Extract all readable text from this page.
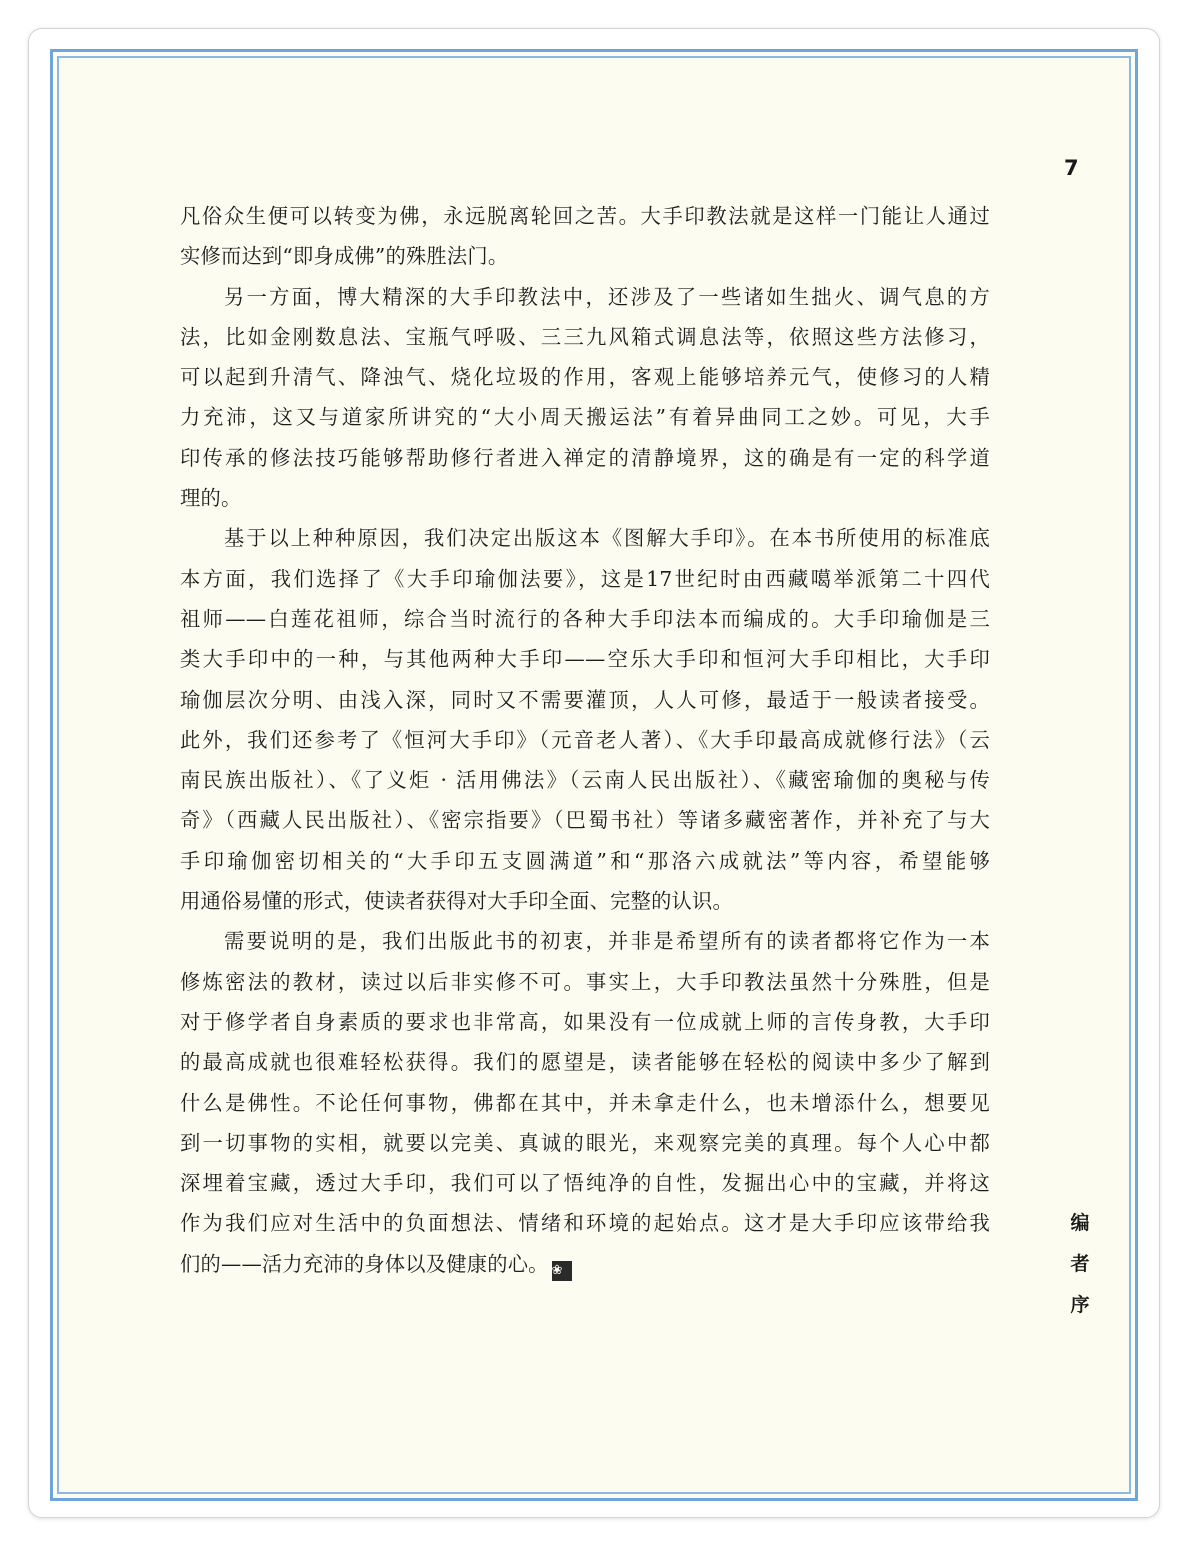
7

凡俗众生便可以转变为佛，永远脱离轮回之苦。大手印教法就是这样一门能让人通过
实修而达到“即身成佛”的殊胜法门。
另一方面，博大精深的大手印教法中，还涉及了一些诸如生拙火、调气息的方
法，比如金刚数息法、宝瓶气呼吸、三三九风箱式调息法等，依照这些方法修习，
可以起到升清气、降浊气、烧化垃圾的作用，客观上能够培养元气，使修习的人精
力充沛，这又与道家所讲究的“大小周天搬运法”有着异曲同工之妙。可见，大手
印传承的修法技巧能够帮助修行者进入禅定的清静境界，这的确是有一定的科学道
理的。
基于以上种种原因，我们决定出版这本《图解大手印》。在本书所使用的标准底
本方面，我们选择了《大手印瑜伽法要》，这是17世纪时由西藏噶举派第二十四代
祖师——白莲花祖师，综合当时流行的各种大手印法本而编成的。大手印瑜伽是三
类大手印中的一种，与其他两种大手印——空乐大手印和恒河大手印相比，大手印
瑜伽层次分明、由浅入深，同时又不需要灌顶，人人可修，最适于一般读者接受。
此外，我们还参考了《恒河大手印》（元音老人著）、《大手印最高成就修行法》（云
南民族出版社）、《了义炬 · 活用佛法》（云南人民出版社）、《藏密瑜伽的奥秘与传
奇》（西藏人民出版社）、《密宗指要》（巴蜀书社）等诸多藏密著作，并补充了与大
手印瑜伽密切相关的“大手印五支圆满道”和“那洛六成就法”等内容，希望能够
用通俗易懂的形式，使读者获得对大手印全面、完整的认识。
需要说明的是，我们出版此书的初衷，并非是希望所有的读者都将它作为一本
修炼密法的教材，读过以后非实修不可。事实上，大手印教法虽然十分殊胜，但是
对于修学者自身素质的要求也非常高，如果没有一位成就上师的言传身教，大手印
的最高成就也很难轻松获得。我们的愿望是，读者能够在轻松的阅读中多少了解到
什么是佛性。不论任何事物，佛都在其中，并未拿走什么，也未增添什么，想要见
到一切事物的实相，就要以完美、真诚的眼光，来观察完美的真理。每个人心中都
深埋着宝藏，透过大手印，我们可以了悟纯净的自性，发掘出心中的宝藏，并将这
作为我们应对生活中的负面想法、情绪和环境的起始点。这才是大手印应该带给我
们的——活力充沛的身体以及健康的心。 ❀
编
者
序
